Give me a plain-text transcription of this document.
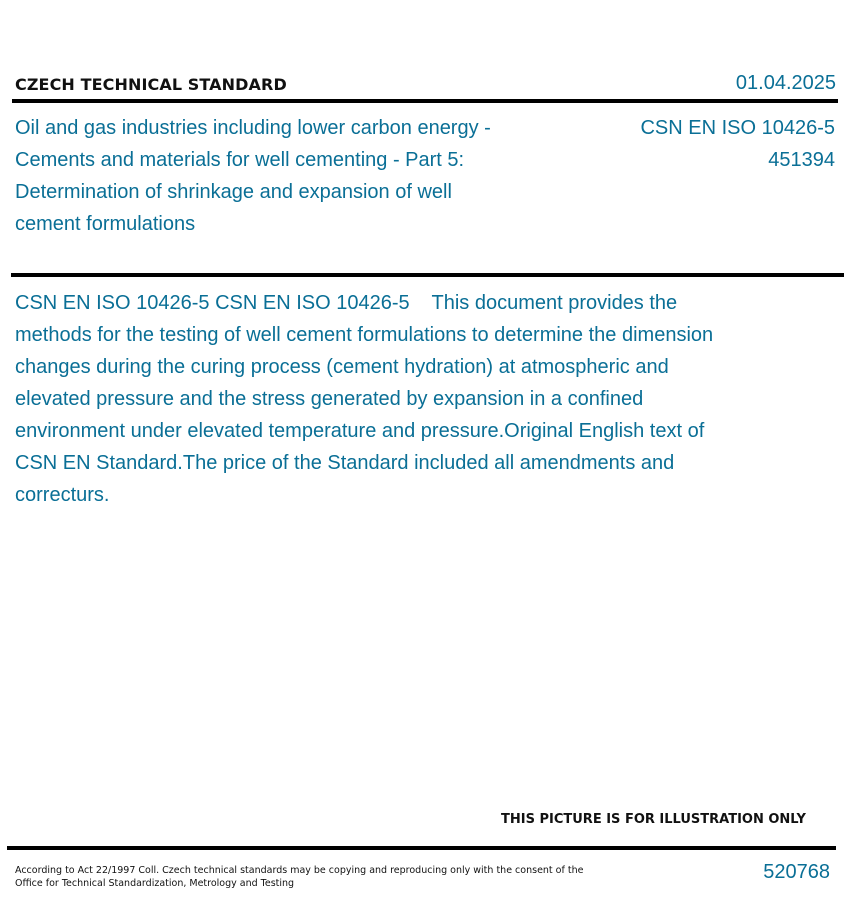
CZECH TECHNICAL STANDARD	01.04.2025
Oil and gas industries including lower carbon energy - Cements and materials for well cementing - Part 5: Determination of shrinkage and expansion of well cement formulations
CSN EN ISO 10426-5
451394
CSN EN ISO 10426-5 CSN EN ISO 10426-5    This document provides the methods for the testing of well cement formulations to determine the dimension changes during the curing process (cement hydration) at atmospheric and elevated pressure and the stress generated by expansion in a confined environment under elevated temperature and pressure.Original English text of CSN EN Standard.The price of the Standard included all amendments and correcturs.
THIS PICTURE IS FOR ILLUSTRATION ONLY
According to Act 22/1997 Coll. Czech technical standards may be copying and reproducing only with the consent of the Office for Technical Standardization, Metrology and Testing
520768
